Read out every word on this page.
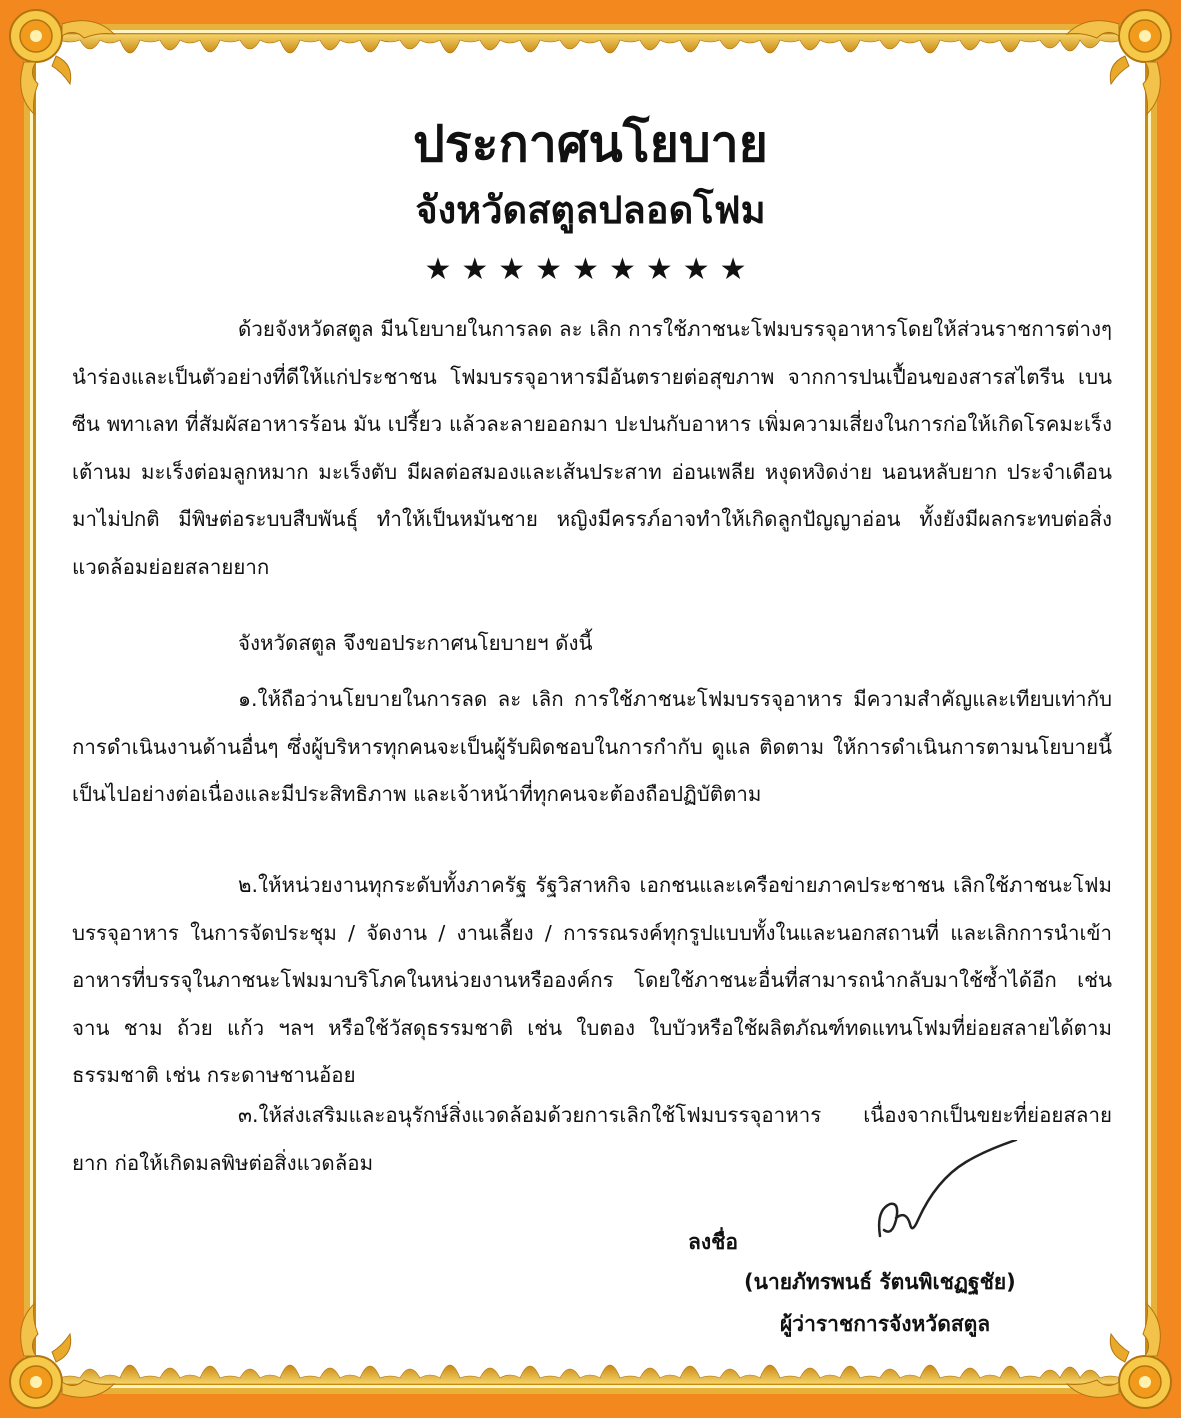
ประกาศนโยบาย
จังหวัดสตูลปลอดโฟม
★★★★★★★★★
ด้วยจังหวัดสตูล มีนโยบายในการลด ละ เลิก การใช้ภาชนะโฟมบรรจุอาหารโดยให้ส่วนราชการต่างๆ นำร่องและเป็นตัวอย่างที่ดีให้แก่ประชาชน โฟมบรรจุอาหารมีอันตรายต่อสุขภาพ จากการปนเปื้อนของสารสไตรีน เบนซีน พทาเลท ที่สัมผัสอาหารร้อน มัน เปรี้ยว แล้วละลายออกมา ปะปนกับอาหาร เพิ่มความเสี่ยงในการก่อให้เกิดโรคมะเร็งเต้านม มะเร็งต่อมลูกหมาก มะเร็งตับ มีผลต่อสมองและเส้นประสาท อ่อนเพลีย หงุดหงิดง่าย นอนหลับยาก ประจำเดือนมาไม่ปกติ มีพิษต่อระบบสืบพันธุ์ ทำให้เป็นหมันชาย หญิงมีครรภ์อาจทำให้เกิดลูกปัญญาอ่อน ทั้งยังมีผลกระทบต่อสิ่งแวดล้อมย่อยสลายยาก
จังหวัดสตูล จึงขอประกาศนโยบายฯ ดังนี้
๑.ให้ถือว่านโยบายในการลด ละ เลิก การใช้ภาชนะโฟมบรรจุอาหาร มีความสำคัญและเทียบเท่ากับการดำเนินงานด้านอื่นๆ ซึ่งผู้บริหารทุกคนจะเป็นผู้รับผิดชอบในการกำกับ ดูแล ติดตาม ให้การดำเนินการตามนโยบายนี้ เป็นไปอย่างต่อเนื่องและมีประสิทธิภาพ และเจ้าหน้าที่ทุกคนจะต้องถือปฏิบัติตาม
๒.ให้หน่วยงานทุกระดับทั้งภาครัฐ รัฐวิสาหกิจ เอกชนและเครือข่ายภาคประชาชน เลิกใช้ภาชนะโฟมบรรจุอาหาร ในการจัดประชุม / จัดงาน / งานเลี้ยง / การรณรงค์ทุกรูปแบบทั้งในและนอกสถานที่ และเลิกการนำเข้าอาหารที่บรรจุในภาชนะโฟมมาบริโภคในหน่วยงานหรือองค์กร โดยใช้ภาชนะอื่นที่สามารถนำกลับมาใช้ซ้ำได้อีก เช่น จาน ชาม ถ้วย แก้ว ฯลฯ หรือใช้วัสดุธรรมชาติ เช่น ใบตอง ใบบัวหรือใช้ผลิตภัณฑ์ทดแทนโฟมที่ย่อยสลายได้ตามธรรมชาติ เช่น กระดาษชานอ้อย
๓.ให้ส่งเสริมและอนุรักษ์สิ่งแวดล้อมด้วยการเลิกใช้โฟมบรรจุอาหาร เนื่องจากเป็นขยะที่ย่อยสลายยาก ก่อให้เกิดมลพิษต่อสิ่งแวดล้อม
ลงชื่อ
(นายภัทรพนธ์ รัตนพิเชฏฐชัย)
ผู้ว่าราชการจังหวัดสตูล
